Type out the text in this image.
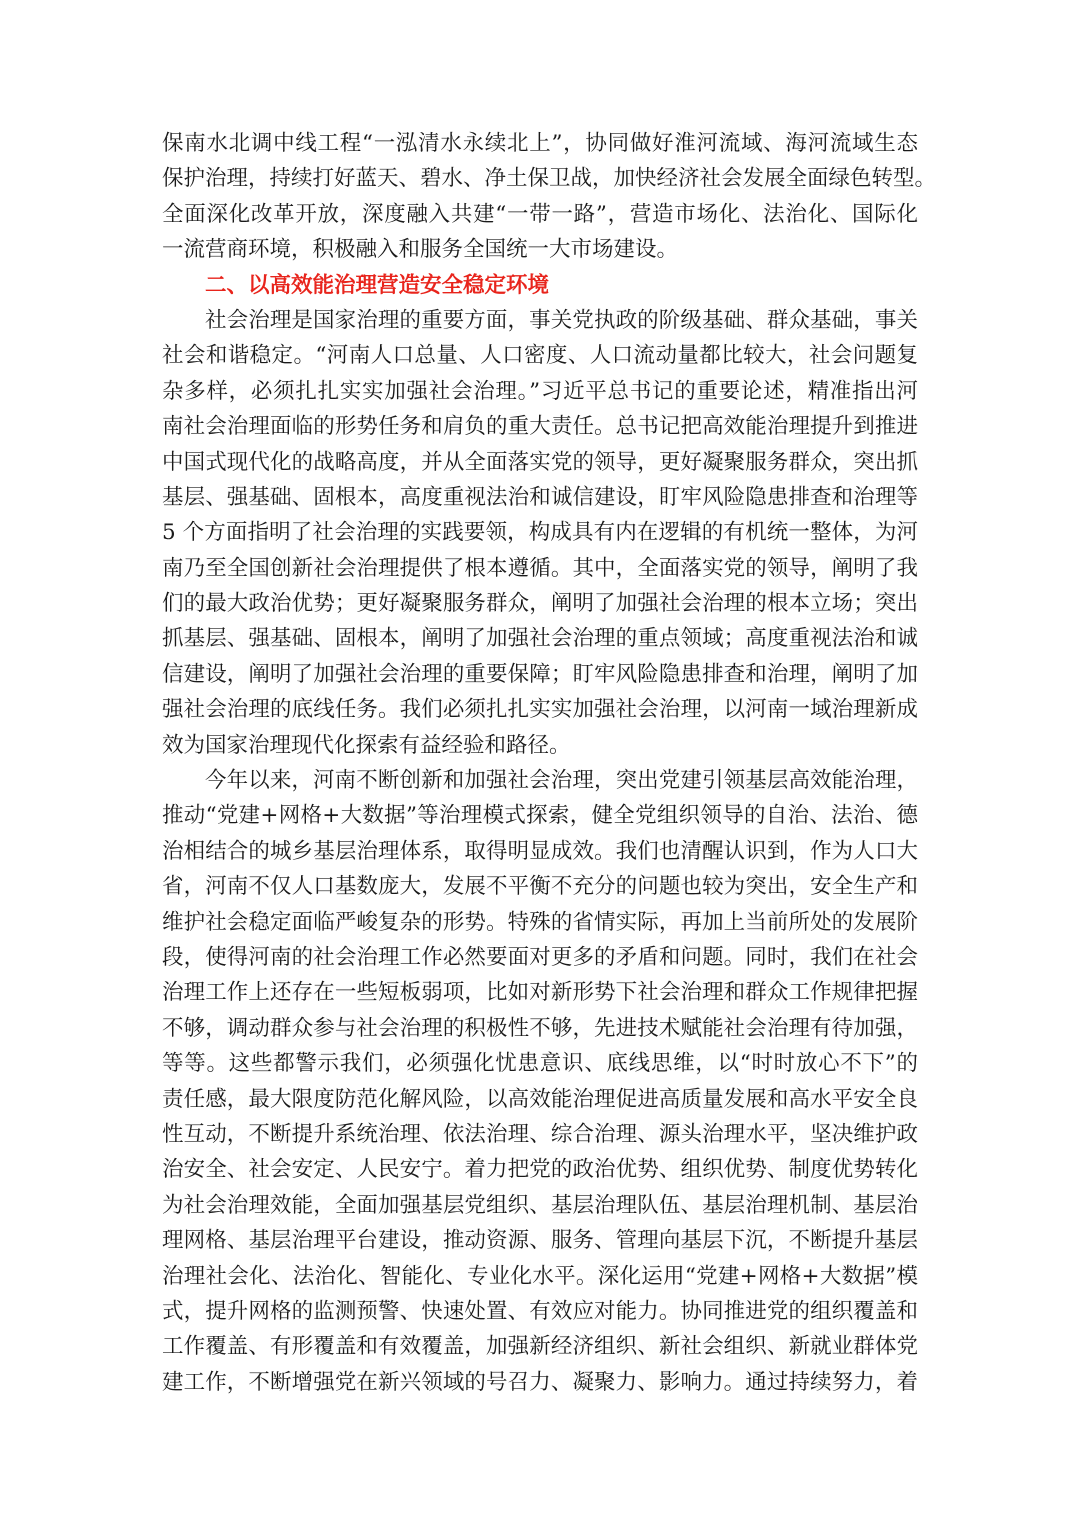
保南水北调中线工程“一泓清水永续北上”，协同做好淮河流域、海河流域生态
保护治理，持续打好蓝天、碧水、净土保卫战，加快经济社会发展全面绿色转型。
全面深化改革开放，深度融入共建“一带一路”，营造市场化、法治化、国际化
一流营商环境，积极融入和服务全国统一大市场建设。
二、以高效能治理营造安全稳定环境
社会治理是国家治理的重要方面，事关党执政的阶级基础、群众基础，事关
社会和谐稳定。“河南人口总量、人口密度、人口流动量都比较大，社会问题复
杂多样，必须扎扎实实加强社会治理。”习近平总书记的重要论述，精准指出河
南社会治理面临的形势任务和肩负的重大责任。总书记把高效能治理提升到推进
中国式现代化的战略高度，并从全面落实党的领导，更好凝聚服务群众，突出抓
基层、强基础、固根本，高度重视法治和诚信建设，盯牢风险隐患排查和治理等
5 个方面指明了社会治理的实践要领，构成具有内在逻辑的有机统一整体，为河
南乃至全国创新社会治理提供了根本遵循。其中，全面落实党的领导，阐明了我
们的最大政治优势；更好凝聚服务群众，阐明了加强社会治理的根本立场；突出
抓基层、强基础、固根本，阐明了加强社会治理的重点领域；高度重视法治和诚
信建设，阐明了加强社会治理的重要保障；盯牢风险隐患排查和治理，阐明了加
强社会治理的底线任务。我们必须扎扎实实加强社会治理，以河南一域治理新成
效为国家治理现代化探索有益经验和路径。
今年以来，河南不断创新和加强社会治理，突出党建引领基层高效能治理，
推动“党建+网格+大数据”等治理模式探索，健全党组织领导的自治、法治、德
治相结合的城乡基层治理体系，取得明显成效。我们也清醒认识到，作为人口大
省，河南不仅人口基数庞大，发展不平衡不充分的问题也较为突出，安全生产和
维护社会稳定面临严峻复杂的形势。特殊的省情实际，再加上当前所处的发展阶
段，使得河南的社会治理工作必然要面对更多的矛盾和问题。同时，我们在社会
治理工作上还存在一些短板弱项，比如对新形势下社会治理和群众工作规律把握
不够，调动群众参与社会治理的积极性不够，先进技术赋能社会治理有待加强，
等等。这些都警示我们，必须强化忧患意识、底线思维，以“时时放心不下”的
责任感，最大限度防范化解风险，以高效能治理促进高质量发展和高水平安全良
性互动，不断提升系统治理、依法治理、综合治理、源头治理水平，坚决维护政
治安全、社会安定、人民安宁。着力把党的政治优势、组织优势、制度优势转化
为社会治理效能，全面加强基层党组织、基层治理队伍、基层治理机制、基层治
理网格、基层治理平台建设，推动资源、服务、管理向基层下沉，不断提升基层
治理社会化、法治化、智能化、专业化水平。深化运用“党建+网格+大数据”模
式，提升网格的监测预警、快速处置、有效应对能力。协同推进党的组织覆盖和
工作覆盖、有形覆盖和有效覆盖，加强新经济组织、新社会组织、新就业群体党
建工作，不断增强党在新兴领域的号召力、凝聚力、影响力。通过持续努力，着
